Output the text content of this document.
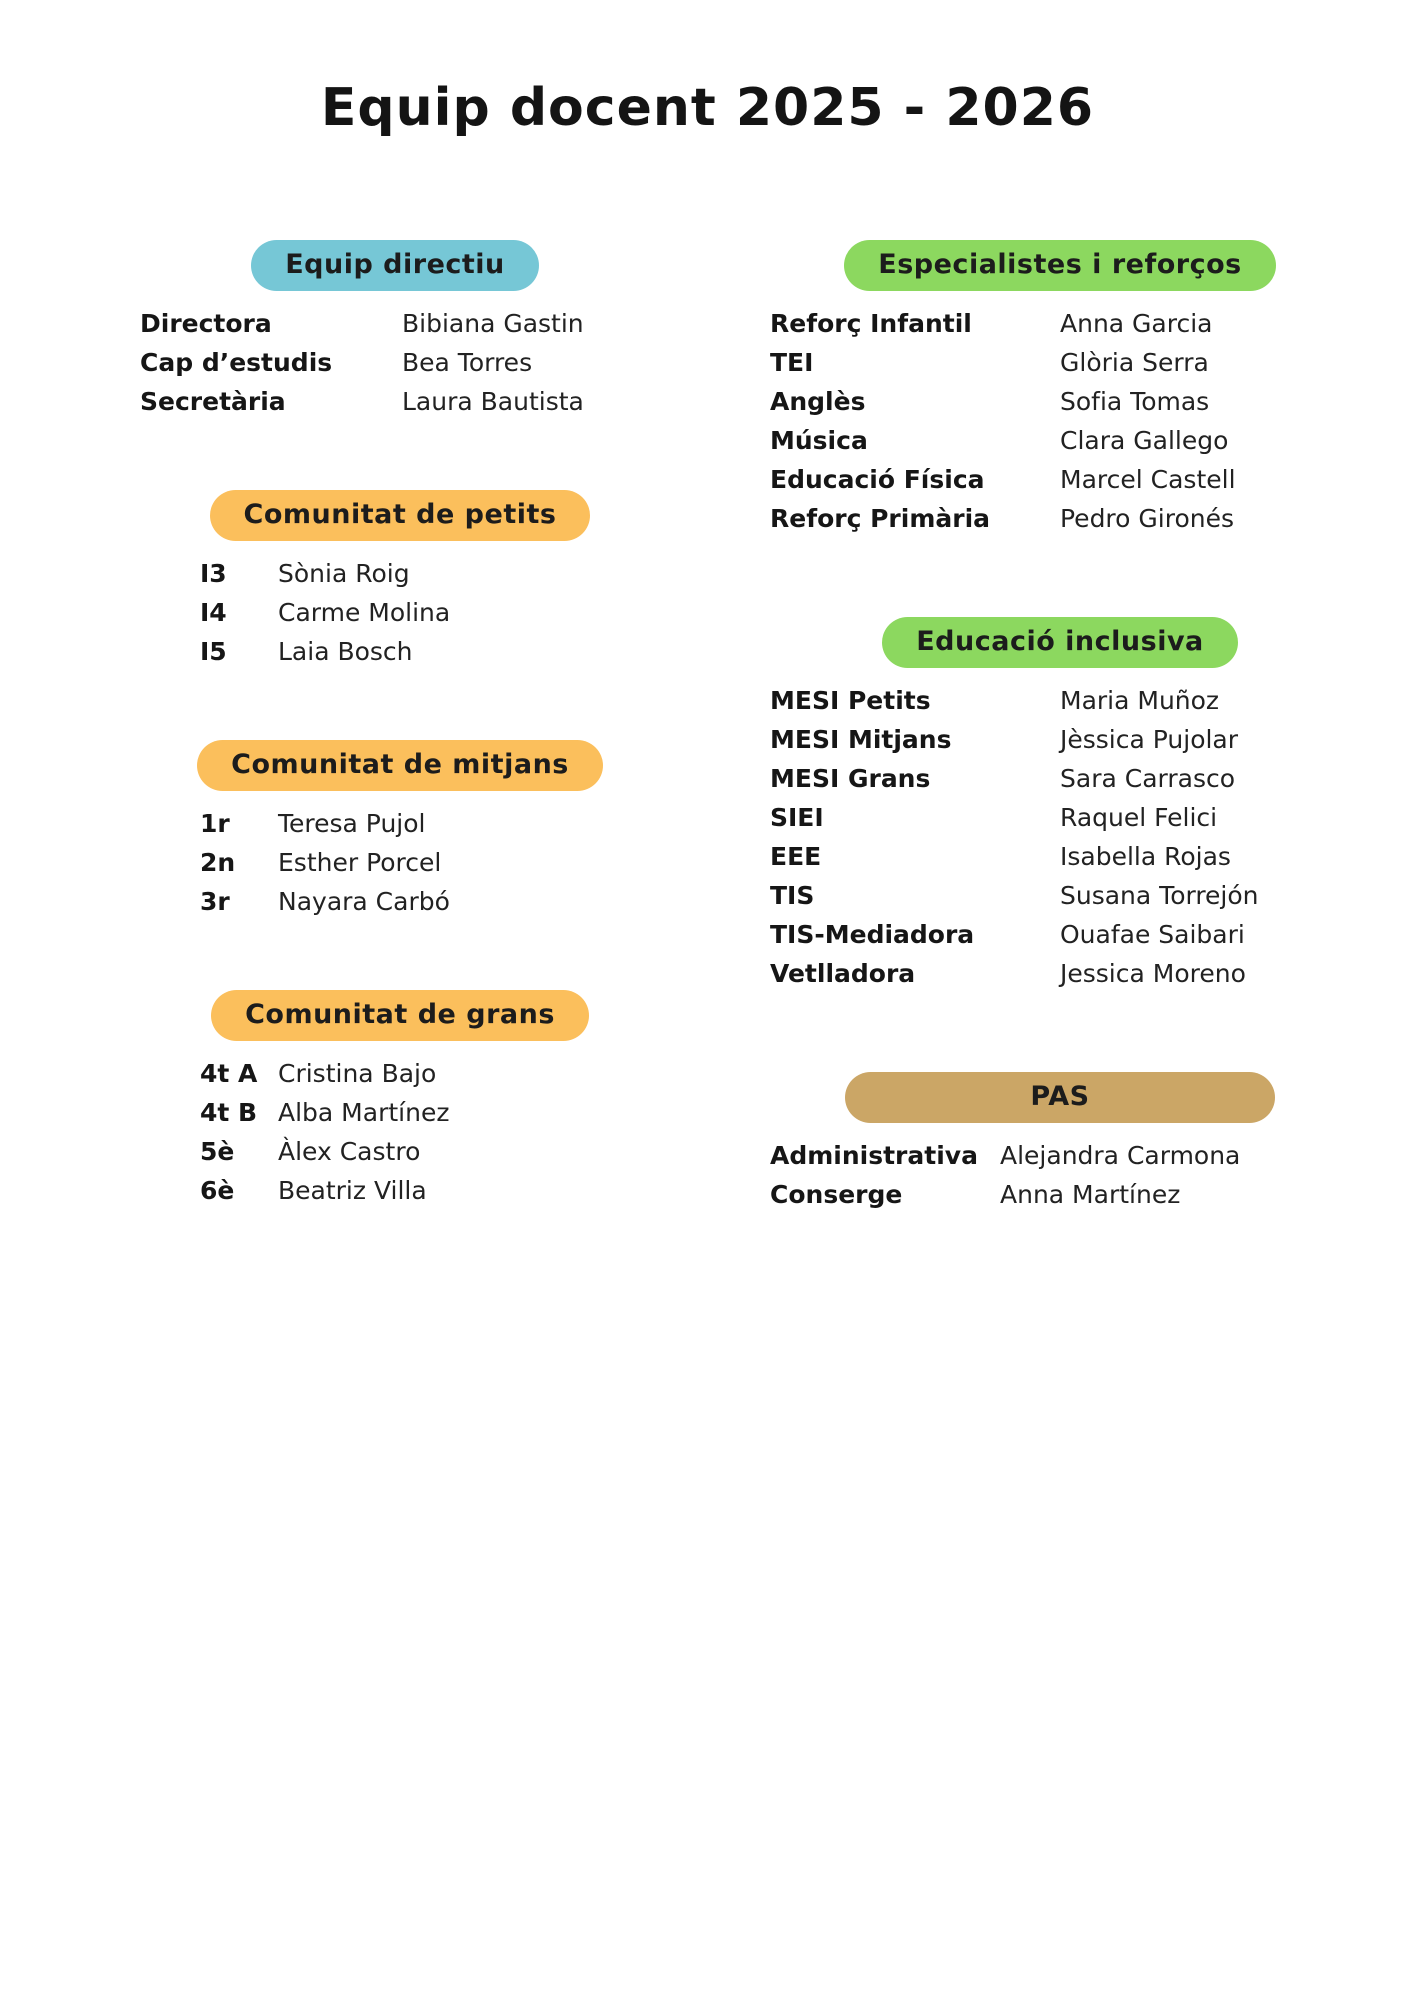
Equip docent 2025 - 2026
Equip directiu
Directora	Bibiana Gastin
Cap d’estudis	Bea Torres
Secretària	Laura Bautista
Comunitat de petits
I3	Sònia Roig
I4	Carme Molina
I5	Laia Bosch
Comunitat de mitjans
1r	Teresa Pujol
2n	Esther Porcel
3r	Nayara Carbó
Comunitat de grans
4t A Cristina Bajo
4t B Alba Martínez
5è	Àlex Castro
6è	Beatriz Villa
Especialistes i reforços
Reforç Infantil	Anna Garcia
TEI	Glòria Serra
Anglès	Sofia Tomas
Música	Clara Gallego
Educació Física	Marcel Castell
Reforç Primària	Pedro Gironés
Educació inclusiva
MESI Petits	Maria Muñoz
MESI Mitjans	Jèssica Pujolar
MESI Grans	Sara Carrasco
SIEI	Raquel Felici
EEE	Isabella Rojas
TIS	Susana Torrejón
TIS-Mediadora	Ouafae Saibari
Vetlladora	Jessica Moreno
PAS
Administrativa Alejandra Carmona
Conserge	Anna Martínez
